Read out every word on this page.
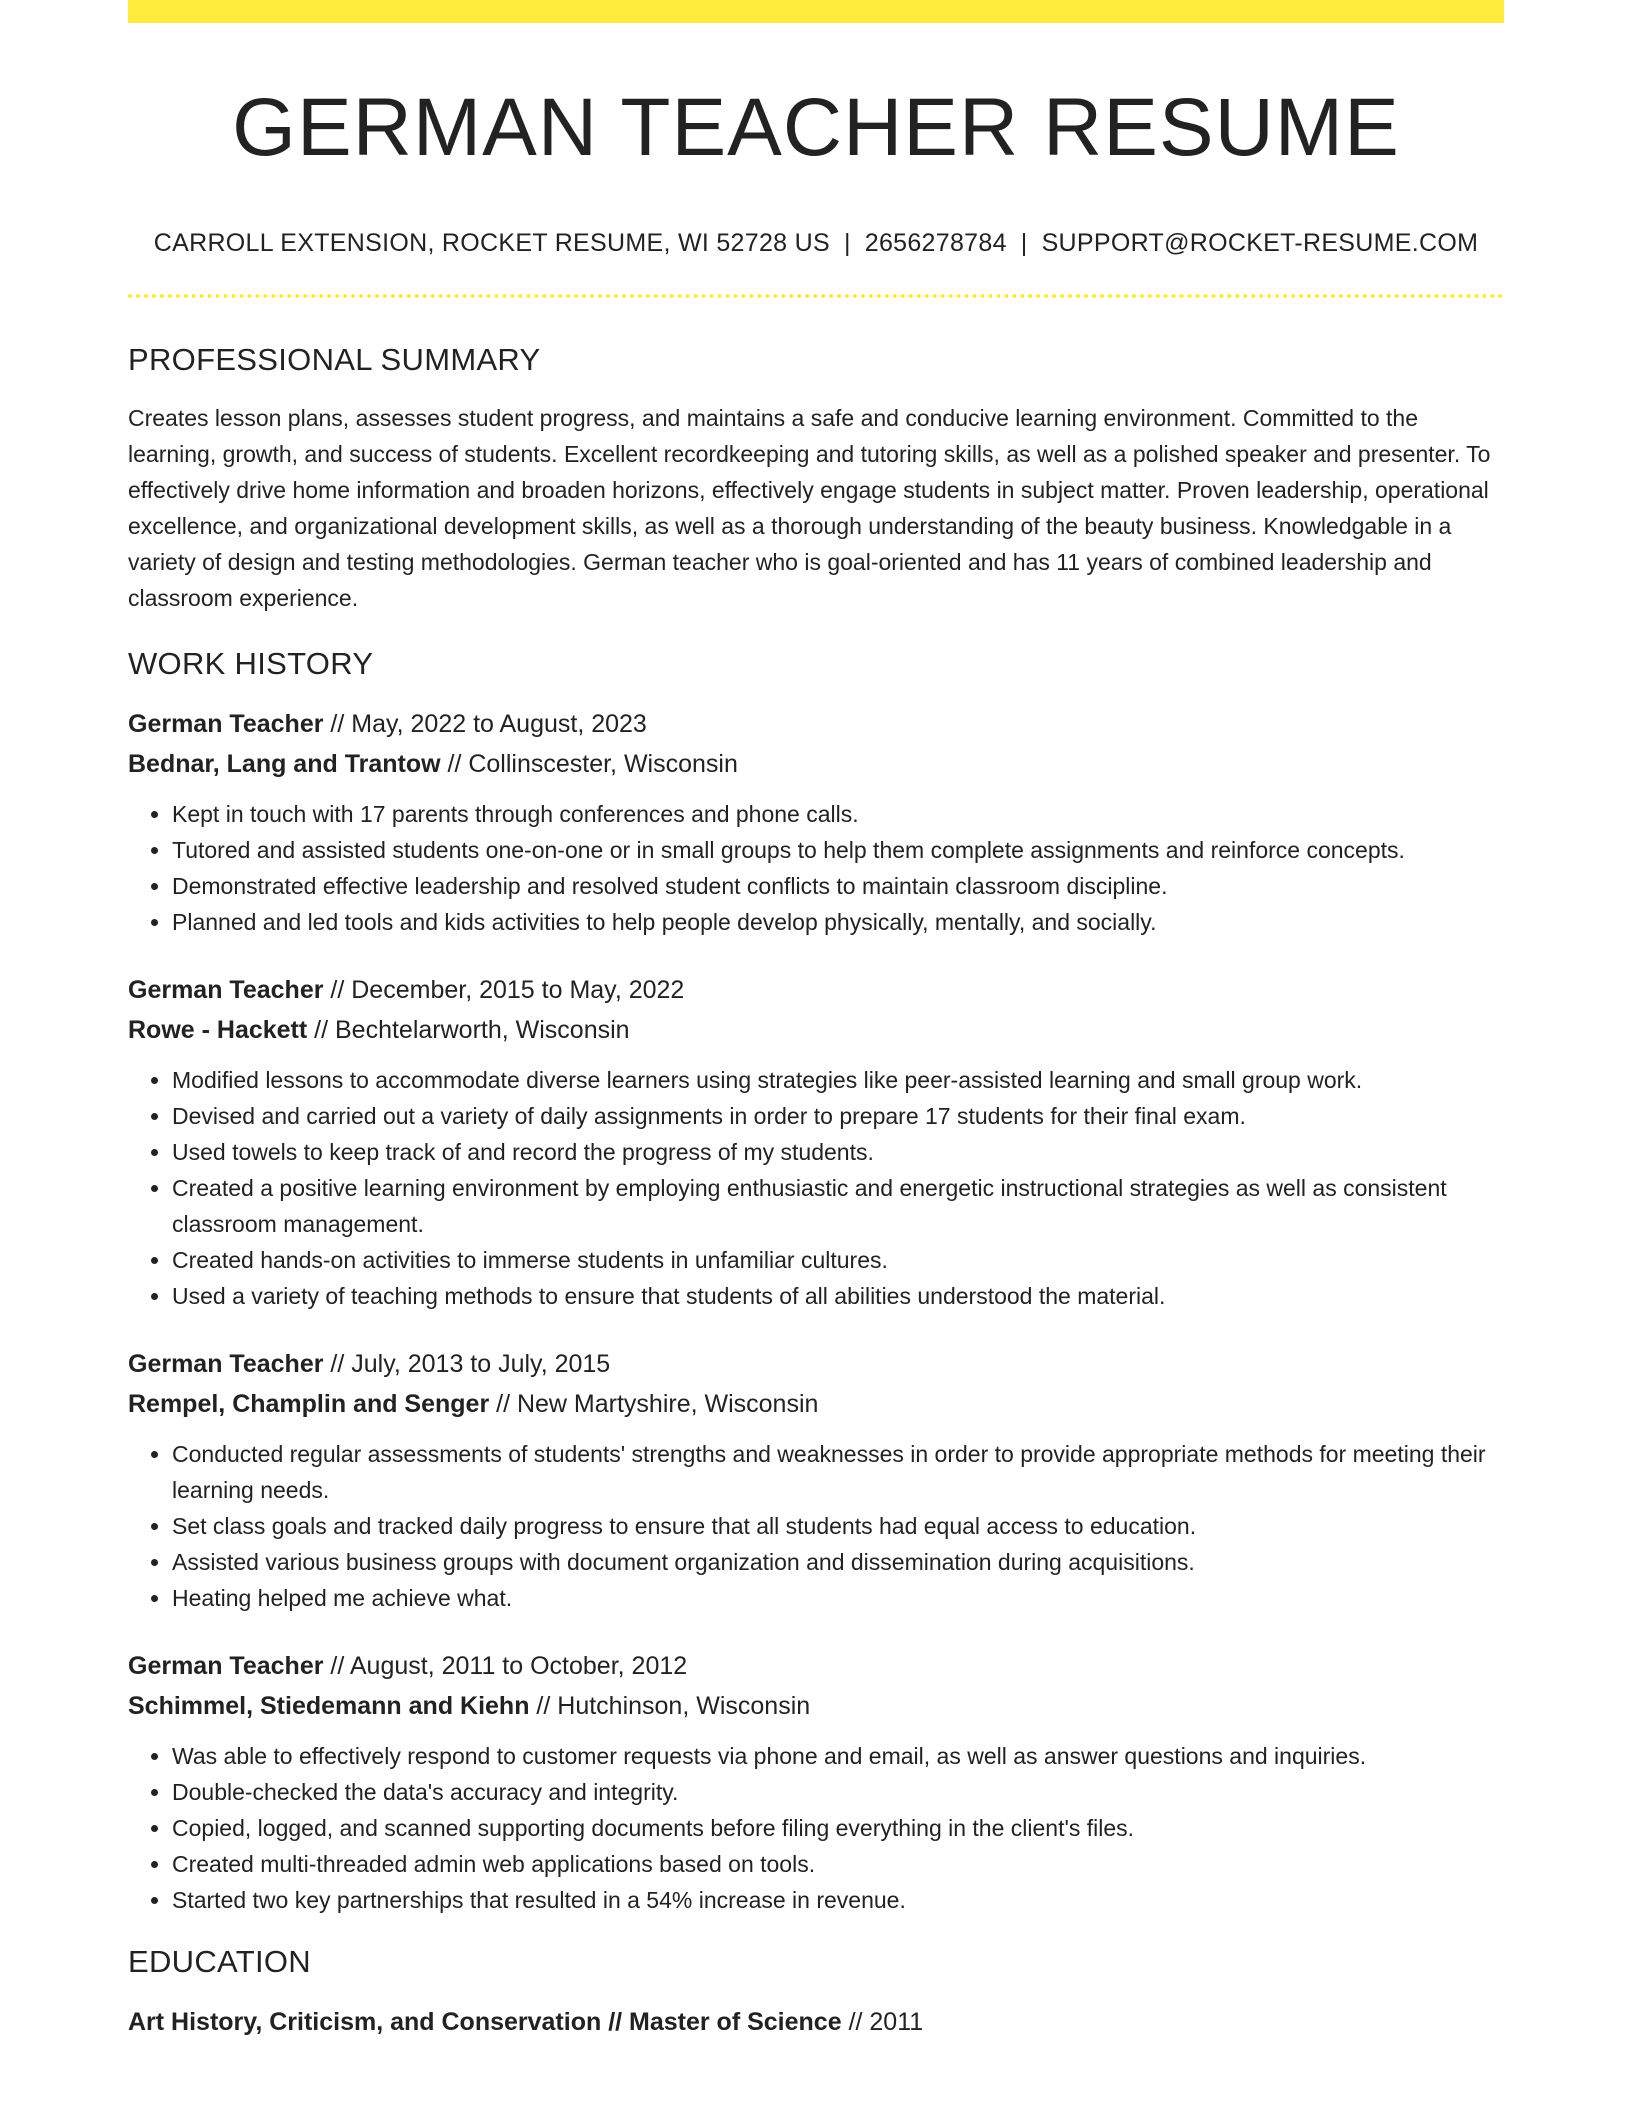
GERMAN TEACHER RESUME
CARROLL EXTENSION, ROCKET RESUME, WI 52728 US | 2656278784 | SUPPORT@ROCKET-RESUME.COM
PROFESSIONAL SUMMARY
Creates lesson plans, assesses student progress, and maintains a safe and conducive learning environment. Committed to the learning, growth, and success of students. Excellent recordkeeping and tutoring skills, as well as a polished speaker and presenter. To effectively drive home information and broaden horizons, effectively engage students in subject matter. Proven leadership, operational excellence, and organizational development skills, as well as a thorough understanding of the beauty business. Knowledgable in a variety of design and testing methodologies. German teacher who is goal-oriented and has 11 years of combined leadership and classroom experience.
WORK HISTORY
German Teacher // May, 2022 to August, 2023
Bednar, Lang and Trantow // Collinscester, Wisconsin
• Kept in touch with 17 parents through conferences and phone calls.
• Tutored and assisted students one-on-one or in small groups to help them complete assignments and reinforce concepts.
• Demonstrated effective leadership and resolved student conflicts to maintain classroom discipline.
• Planned and led tools and kids activities to help people develop physically, mentally, and socially.
German Teacher // December, 2015 to May, 2022
Rowe - Hackett // Bechtelarworth, Wisconsin
• Modified lessons to accommodate diverse learners using strategies like peer-assisted learning and small group work.
• Devised and carried out a variety of daily assignments in order to prepare 17 students for their final exam.
• Used towels to keep track of and record the progress of my students.
• Created a positive learning environment by employing enthusiastic and energetic instructional strategies as well as consistent classroom management.
• Created hands-on activities to immerse students in unfamiliar cultures.
• Used a variety of teaching methods to ensure that students of all abilities understood the material.
German Teacher // July, 2013 to July, 2015
Rempel, Champlin and Senger // New Martyshire, Wisconsin
• Conducted regular assessments of students' strengths and weaknesses in order to provide appropriate methods for meeting their learning needs.
• Set class goals and tracked daily progress to ensure that all students had equal access to education.
• Assisted various business groups with document organization and dissemination during acquisitions.
• Heating helped me achieve what.
German Teacher // August, 2011 to October, 2012
Schimmel, Stiedemann and Kiehn // Hutchinson, Wisconsin
• Was able to effectively respond to customer requests via phone and email, as well as answer questions and inquiries.
• Double-checked the data's accuracy and integrity.
• Copied, logged, and scanned supporting documents before filing everything in the client's files.
• Created multi-threaded admin web applications based on tools.
• Started two key partnerships that resulted in a 54% increase in revenue.
EDUCATION
Art History, Criticism, and Conservation // Master of Science // 2011
